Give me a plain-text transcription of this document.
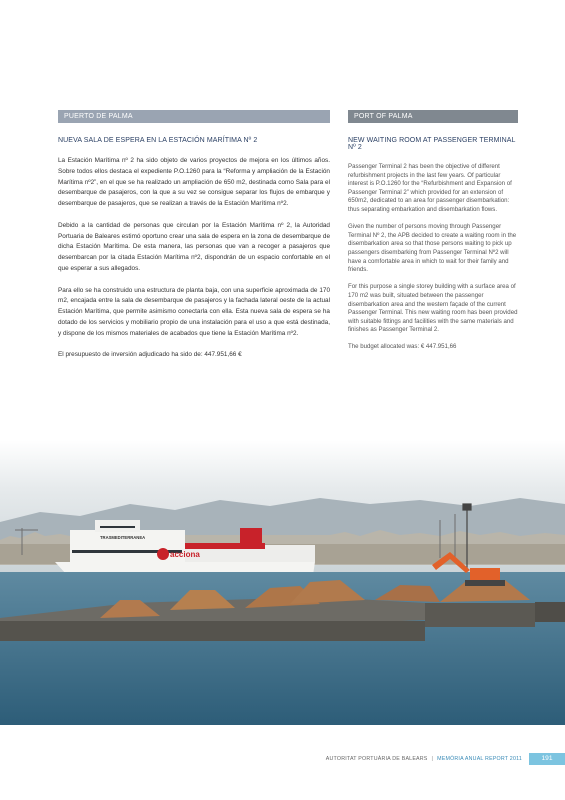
PUERTO DE PALMA
NUEVA SALA DE ESPERA EN LA ESTACIÓN MARÍTIMA Nº 2

La Estación Marítima nº 2 ha sido objeto de varios proyectos de mejora en los últimos años. Sobre todos ellos destaca el expediente P.O.1260 para la “Reforma y ampliación de la Estación Marítima nº2”, en el que se ha realizado un ampliación de 650 m2, destinada como Sala para el desembarque de pasajeros, con la que a su vez se consigue separar los flujos de embarque y desembarque de pasajeros, que se realizan a través de la Estación Marítima nº2.

Debido a la cantidad de personas que circulan por la Estación Marítima nº 2, la Autoridad Portuaria de Baleares estimó oportuno crear una sala de espera en la zona de desembarque de dicha Estación Marítima. De esta manera, las personas que van a recoger a pasajeros que desembarcan por la citada Estación Marítima nº2, dispondrán de un espacio confortable en el que esperar a sus allegados.

Para ello se ha construido una estructura de planta baja, con una superficie aproximada de 170 m2, encajada entre la sala de desembarque de pasajeros y la fachada lateral oeste de la actual Estación Marítima, que permite asimismo conectarla con ella. Esta nueva sala de espera se ha dotado de los servicios y mobiliario propio de una instalación para el uso a que está destinada, y dispone de los mismos materiales de acabados que tiene la Estación Marítima nº2.

El presupuesto de inversión adjudicado ha sido de: 447.951,66 €

PORT OF PALMA
NEW WAITING ROOM AT PASSENGER TERMINAL Nº 2

Passenger Terminal 2 has been the objective of different refurbishment projects in the last few years. Of particular interest is P.O.1260 for the “Refurbishment and Expansion of Passenger Terminal 2” which provided for an extension of 650m2, dedicated to an area for passenger disembarkation: thus separating embarkation and disembarkation flows.

Given the number of persons moving through Passenger Terminal Nº 2, the APB decided to create a waiting room in the disembarkation area so that those persons waiting to pick up passengers disembarking from Passenger Terminal Nº2 will have a comfortable area in which to wait for their family and friends.

For this purpose a single storey building with a surface area of 170 m2 was built, situated between the passenger disembarkation area and the western façade of the current Passenger Terminal. This new waiting room has been provided with suitable fittings and facilities with the same materials and finishes as Passenger Terminal 2.

The budget allocated was: € 447.951,66

acciona
TRASMEDITERRANEA
AUTORITAT PORTUÀRIA DE BALEARS | MEMÒRIA ANUAL REPORT 2011	191
